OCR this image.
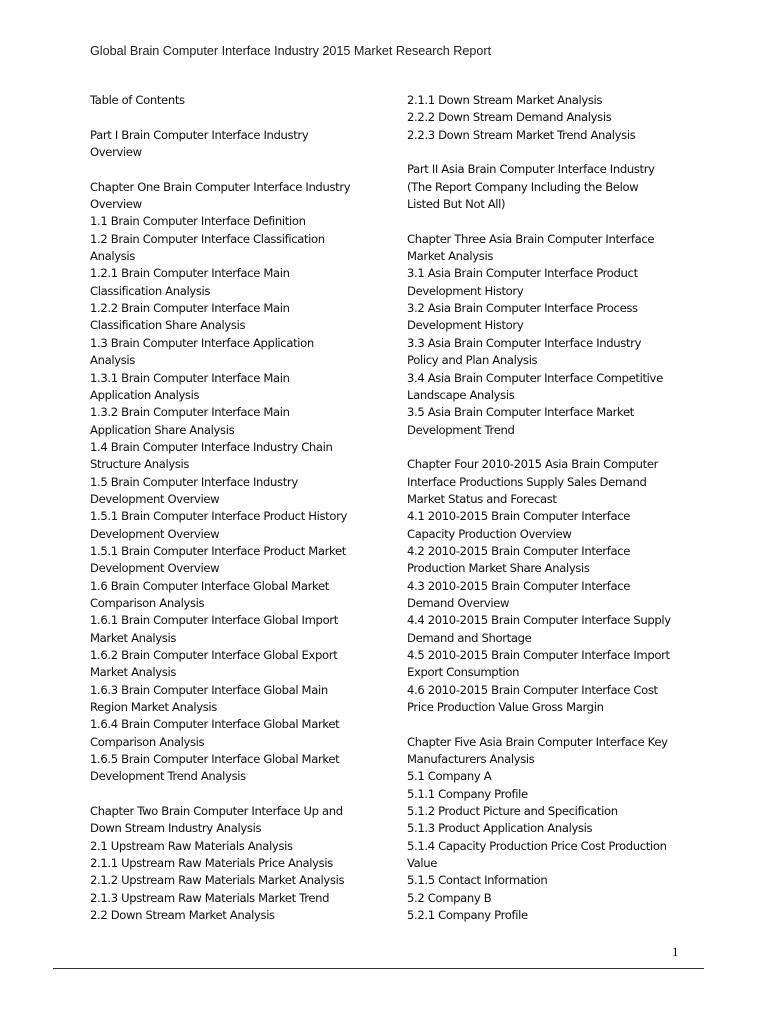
Global Brain Computer Interface Industry 2015 Market Research Report
Table of Contents
Part I Brain Computer Interface Industry
Overview
Chapter One Brain Computer Interface Industry
Overview
1.1 Brain Computer Interface Definition
1.2 Brain Computer Interface Classification
Analysis
1.2.1 Brain Computer Interface Main
Classification Analysis
1.2.2 Brain Computer Interface Main
Classification Share Analysis
1.3 Brain Computer Interface Application
Analysis
1.3.1 Brain Computer Interface Main
Application Analysis
1.3.2 Brain Computer Interface Main
Application Share Analysis
1.4 Brain Computer Interface Industry Chain
Structure Analysis
1.5 Brain Computer Interface Industry
Development Overview
1.5.1 Brain Computer Interface Product History
Development Overview
1.5.1 Brain Computer Interface Product Market
Development Overview
1.6 Brain Computer Interface Global Market
Comparison Analysis
1.6.1 Brain Computer Interface Global Import
Market Analysis
1.6.2 Brain Computer Interface Global Export
Market Analysis
1.6.3 Brain Computer Interface Global Main
Region Market Analysis
1.6.4 Brain Computer Interface Global Market
Comparison Analysis
1.6.5 Brain Computer Interface Global Market
Development Trend Analysis
Chapter Two Brain Computer Interface Up and
Down Stream Industry Analysis
2.1 Upstream Raw Materials Analysis
2.1.1 Upstream Raw Materials Price Analysis
2.1.2 Upstream Raw Materials Market Analysis
2.1.3 Upstream Raw Materials Market Trend
2.2 Down Stream Market Analysis
2.1.1 Down Stream Market Analysis
2.2.2 Down Stream Demand Analysis
2.2.3 Down Stream Market Trend Analysis
Part II Asia Brain Computer Interface Industry
(The Report Company Including the Below
Listed But Not All)
Chapter Three Asia Brain Computer Interface
Market Analysis
3.1 Asia Brain Computer Interface Product
Development History
3.2 Asia Brain Computer Interface Process
Development History
3.3 Asia Brain Computer Interface Industry
Policy and Plan Analysis
3.4 Asia Brain Computer Interface Competitive
Landscape Analysis
3.5 Asia Brain Computer Interface Market
Development Trend
Chapter Four 2010-2015 Asia Brain Computer
Interface Productions Supply Sales Demand
Market Status and Forecast
4.1 2010-2015 Brain Computer Interface
Capacity Production Overview
4.2 2010-2015 Brain Computer Interface
Production Market Share Analysis
4.3 2010-2015 Brain Computer Interface
Demand Overview
4.4 2010-2015 Brain Computer Interface Supply
Demand and Shortage
4.5 2010-2015 Brain Computer Interface Import
Export Consumption
4.6 2010-2015 Brain Computer Interface Cost
Price Production Value Gross Margin
Chapter Five Asia Brain Computer Interface Key
Manufacturers Analysis
5.1 Company A
5.1.1 Company Profile
5.1.2 Product Picture and Specification
5.1.3 Product Application Analysis
5.1.4 Capacity Production Price Cost Production
Value
5.1.5 Contact Information
5.2 Company B
5.2.1 Company Profile
1
